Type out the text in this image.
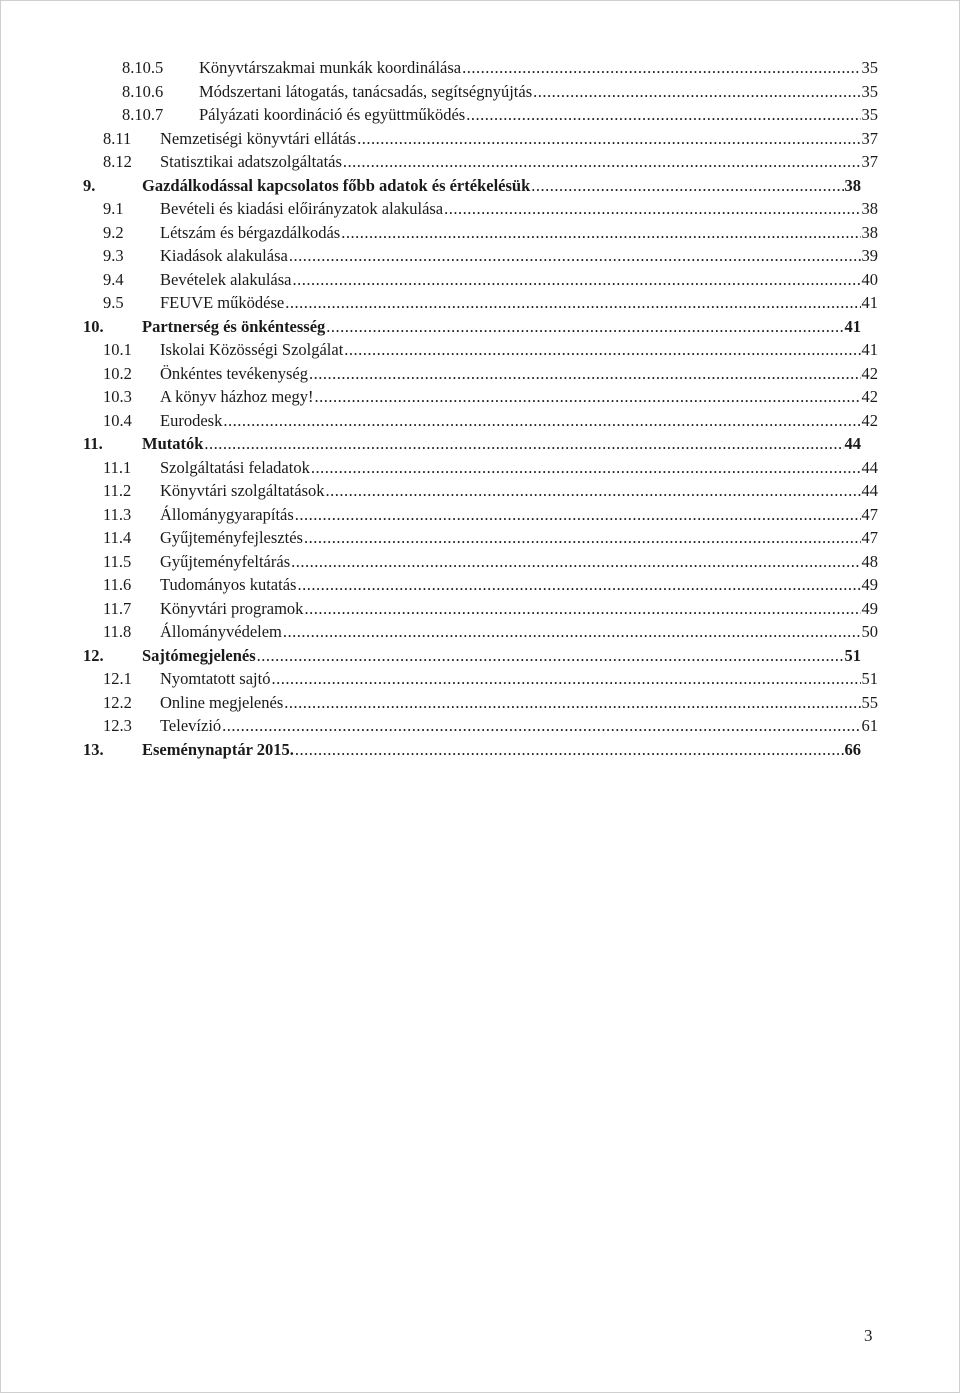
8.10.5 Könyvtárszakmai munkák koordinálása .....	35
8.10.6 Módszertani látogatás, tanácsadás, segítségnyújtás .....	35
8.10.7 Pályázati koordináció és együttműködés .....	35
8.11 Nemzetiségi könyvtári ellátás .....	37
8.12 Statisztikai adatszolgáltatás .....	37
9.	Gazdálkodással kapcsolatos főbb adatok és értékelésük .....	38
9.1 Bevételi és kiadási előirányzatok alakulása .....	38
9.2 Létszám és bérgazdálkodás .....	38
9.3 Kiadások alakulása .....	39
9.4 Bevételek alakulása .....	40
9.5 FEUVE működése .....	41
10. Partnerség és önkéntesség .....	41
10.1 Iskolai Közösségi Szolgálat .....	41
10.2 Önkéntes tevékenység .....	42
10.3 A könyv házhoz megy! .....	42
10.4 Eurodesk .....	42
11. Mutatók .....	44
11.1 Szolgáltatási feladatok .....	44
11.2 Könyvtári szolgáltatások .....	44
11.3 Állománygyarapítás .....	47
11.4 Gyűjteményfejlesztés .....	47
11.5 Gyűjteményfeltárás .....	48
11.6 Tudományos kutatás .....	49
11.7 Könyvtári programok .....	49
11.8 Állományvédelem .....	50
12. Sajtómegjelenés .....	51
12.1 Nyomtatott sajtó .....	51
12.2 Online megjelenés .....	55
12.3 Televízió .....	61
13. Eseménynaptár 2015. .....	66
3
